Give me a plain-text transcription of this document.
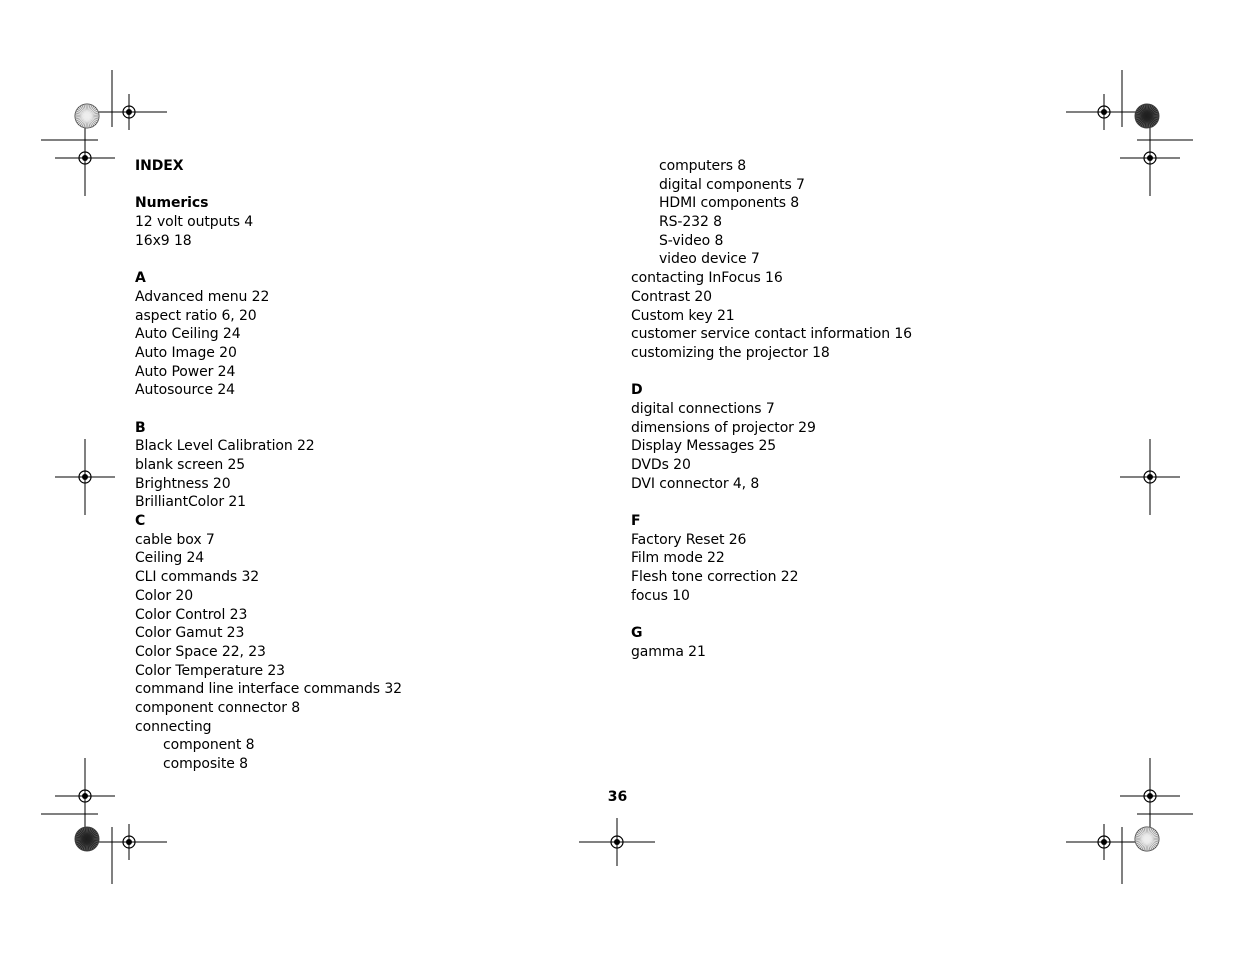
INDEX
Numerics
12 volt outputs 4
16x9 18
A
Advanced menu 22
aspect ratio 6, 20
Auto Ceiling 24
Auto Image 20
Auto Power 24
Autosource 24
B
Black Level Calibration 22
blank screen 25
Brightness 20
BrilliantColor 21
C
cable box 7
Ceiling 24
CLI commands 32
Color 20
Color Control 23
Color Gamut 23
Color Space 22, 23
Color Temperature 23
command line interface commands 32
component connector 8
connecting
component 8
composite 8
computers 8
digital components 7
HDMI components 8
RS-232 8
S-video 8
video device 7
contacting InFocus 16
Contrast 20
Custom key 21
customer service contact information 16
customizing the projector 18
D
digital connections 7
dimensions of projector 29
Display Messages 25
DVDs 20
DVI connector 4, 8
F
Factory Reset 26
Film mode 22
Flesh tone correction 22
focus 10
G
gamma 21
36
